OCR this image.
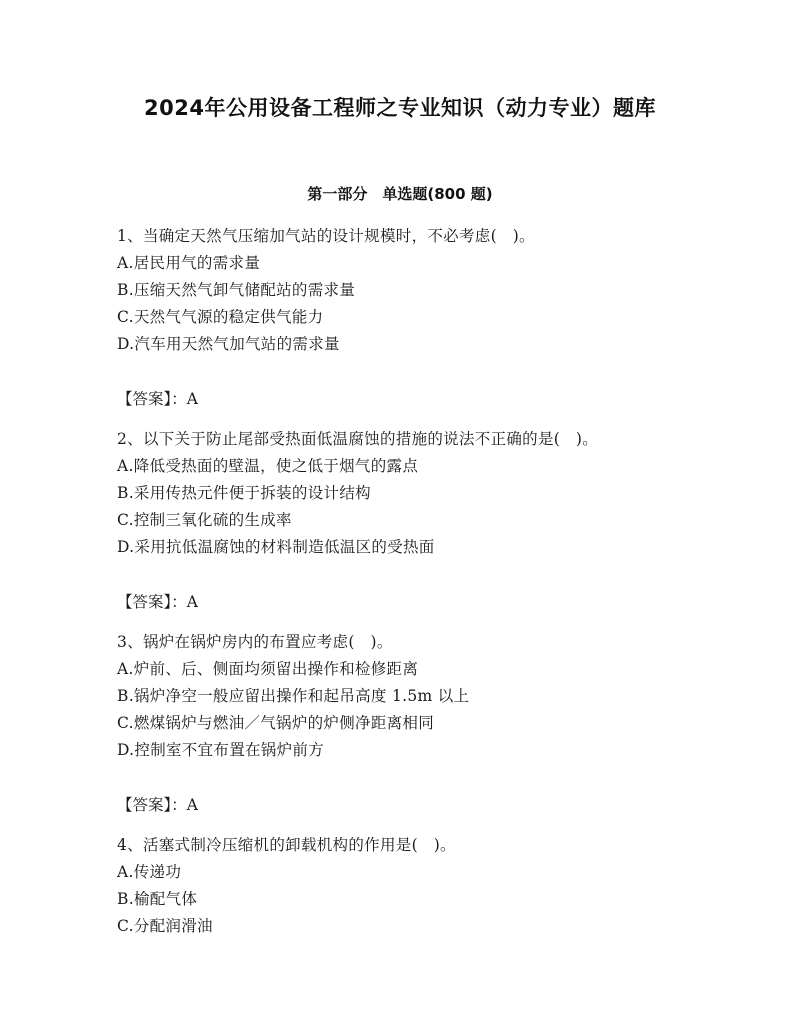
2024年公用设备工程师之专业知识（动力专业）题库
第一部分　单选题(800 题)
1、当确定天然气压缩加气站的设计规模时，不必考虑(　)。
A.居民用气的需求量
B.压缩天然气卸气储配站的需求量
C.天然气气源的稳定供气能力
D.汽车用天然气加气站的需求量
【答案】：A
2、以下关于防止尾部受热面低温腐蚀的措施的说法不正确的是(　)。
A.降低受热面的壁温，使之低于烟气的露点
B.采用传热元件便于拆装的设计结构
C.控制三氧化硫的生成率
D.采用抗低温腐蚀的材料制造低温区的受热面
【答案】：A
3、锅炉在锅炉房内的布置应考虑(　)。
A.炉前、后、侧面均须留出操作和检修距离
B.锅炉净空一般应留出操作和起吊高度 1.5m 以上
C.燃煤锅炉与燃油／气锅炉的炉侧净距离相同
D.控制室不宜布置在锅炉前方
【答案】：A
4、活塞式制冷压缩机的卸载机构的作用是(　)。
A.传递功
B.榆配气体
C.分配润滑油
